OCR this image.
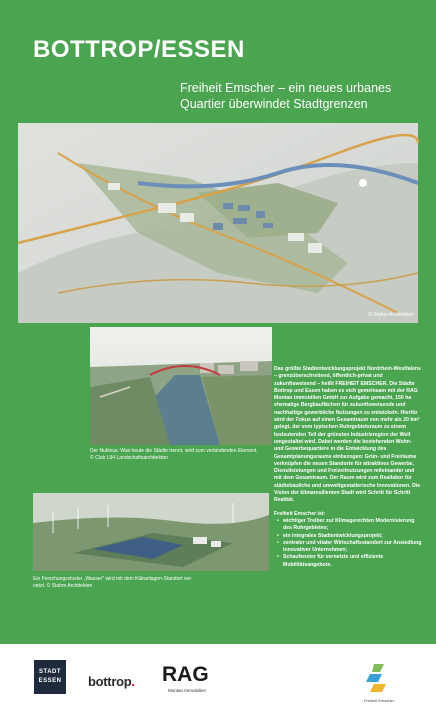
BOTTROP/ESSEN
Freiheit Emscher – ein neues urbanes
Quartier überwindet Stadtgrenzen
.
© Stahm Architekten
Der Nukleus: Was heute die Städte trennt, wird zum verbindenden Element.
© Club L94 Landschaftsarchitekten
Ein Forschungscluster „Wasser" wird mit dem Kläranlagen-Standort ver-
netzt. © Stahm Architekten

Das größte Stadtentwicklungsprojekt Nordrhein-Westfalens – grenzüberschreitend, öffentlich-privat und zukunftsweisend – heißt FREIHEIT EMSCHER. Die Städte Bottrop und Essen haben es sich gemeinsam mit der RAG Montan Immobilien GmbH zur Aufgabe gemacht, 150 ha ehemalige Bergbauflächen für zukunftsweisende und nachhaltige gewerbliche Nutzungen zu entwickeln. Hierfür wird der Fokus auf einen Gesamtraum von mehr als 20 km² gelegt, der vom typischen Ruhrgebietsraum zu einem bedeutenden Teil der grünsten Industrieregion der Welt umgestaltet wird. Dabei werden die bestehenden Wohn- und Gewerbequartiere in die Entwicklung des Gesamtplanungsraums einbezogen: Grün- und Freiräume verknüpfen die neuen Standorte für attraktives Gewerbe, Dienstleistungen und Freizeitnutzungen miteinander und mit dem Gesamtraum. Der Raum wird zum Reallabor für städtebauliche und umweltgestalterische Innovationen. Die Vision der klimaresilienten Stadt wird Schritt für Schritt Realität.

Freiheit Emscher ist:

• wichtiger Treiber zur Klimagerechten Modernisierung des Ruhrgebietes;
• ein integrales Stadtentwicklungsprojekt;
• zentraler und vitaler Wirtschaftsstandort zur Ansiedlung innovativer Unternehmen;
• Schaufenster für vernetzte und effiziente Mobilitätsangebote.
STADT
ESSEN	bottrop. RAG
Montan Immobilien
Freiheit Emscher
